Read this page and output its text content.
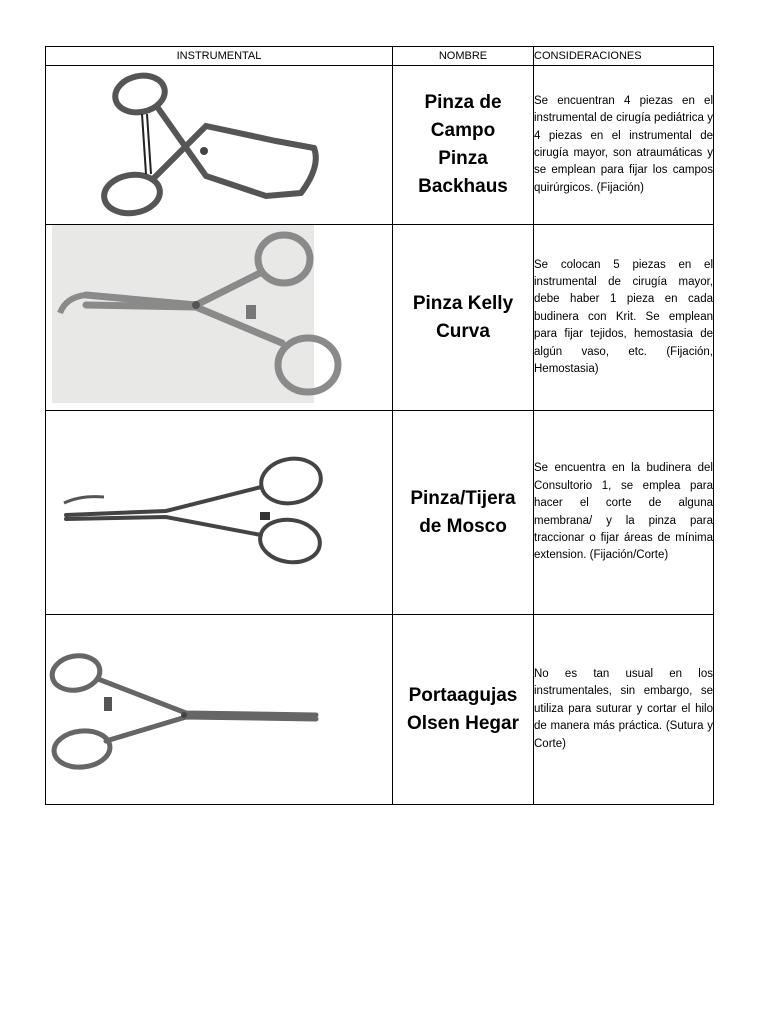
INSTRUMENTAL	NOMBRE	CONSIDERACIONES

Pinza de
Campo
Pinza
Backhaus	Se encuentran 4 piezas en el instrumental de cirugía pediátrica y 4 piezas en el instrumental de cirugía mayor, son atraumáticas y se emplean para fijar los campos quirúrgicos. (Fijación)

Pinza Kelly
Curva	Se colocan 5 piezas en el instrumental de cirugía mayor, debe haber 1 pieza en cada budinera con Krit. Se emplean para fijar tejidos, hemostasia de algún vaso, etc. (Fijación, Hemostasia)

Pinza/Tijera
de Mosco	Se encuentra en la budinera del Consultorio 1, se emplea para hacer el corte de alguna membrana/ y la pinza para traccionar o fijar áreas de mínima extension. (Fijación/Corte)

Portaagujas
Olsen Hegar	No es tan usual en los instrumentales, sin embargo, se utiliza para suturar y cortar el hilo de manera más práctica. (Sutura y Corte)
